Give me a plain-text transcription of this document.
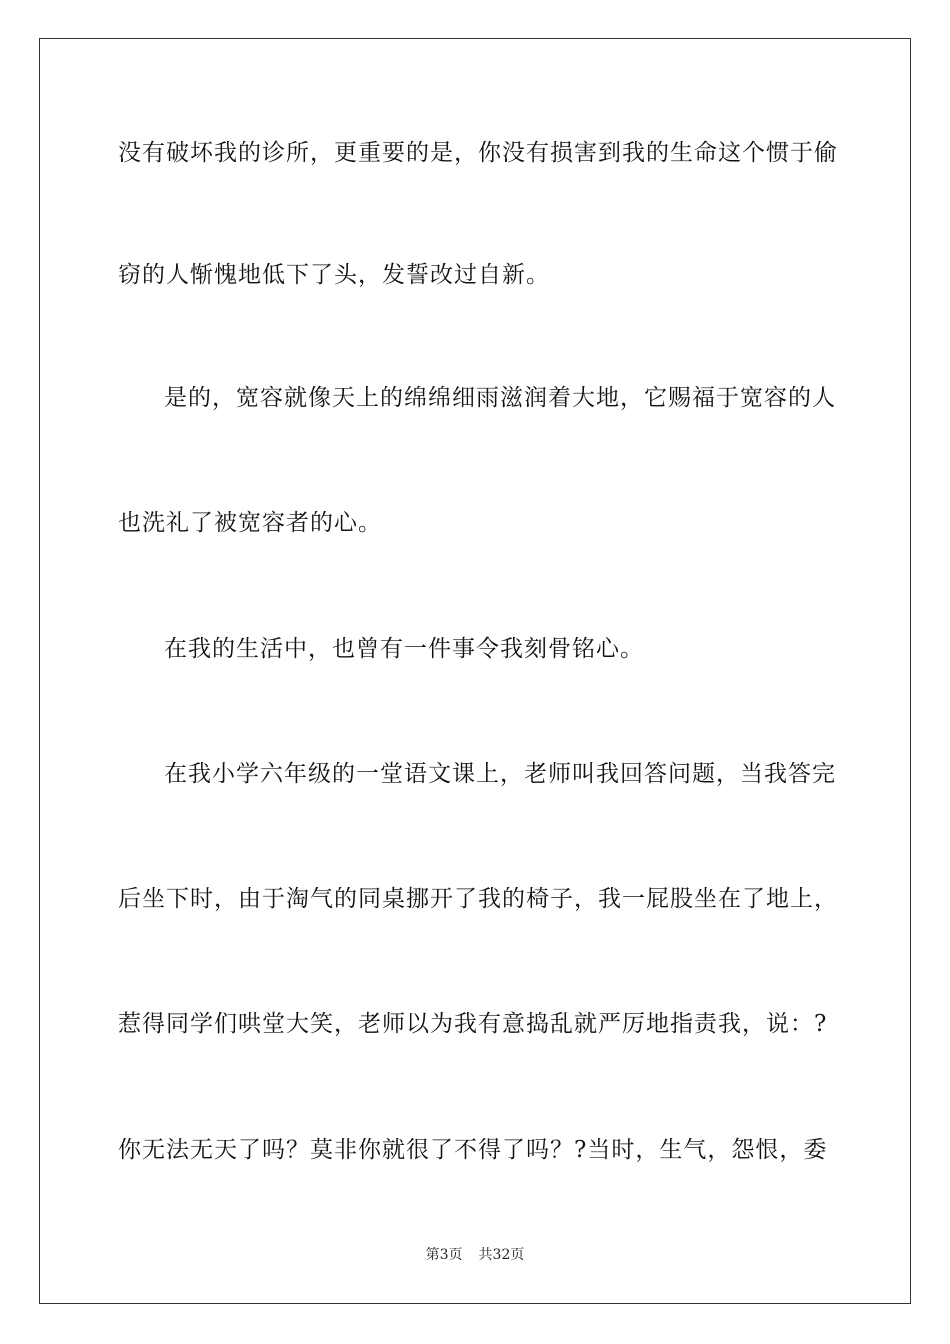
没有破坏我的诊所，更重要的是，你没有损害到我的生命这个惯于偷
窃的人惭愧地低下了头，发誓改过自新。
是的，宽容就像天上的绵绵细雨滋润着大地，它赐福于宽容的人
也洗礼了被宽容者的心。
在我的生活中，也曾有一件事令我刻骨铭心。
在我小学六年级的一堂语文课上，老师叫我回答问题，当我答完
后坐下时，由于淘气的同桌挪开了我的椅子，我一屁股坐在了地上，
惹得同学们哄堂大笑，老师以为我有意捣乱就严厉地指责我，说：?
你无法无天了吗？莫非你就很了不得了吗？?当时，生气，怨恨，委
第3页 共32页
